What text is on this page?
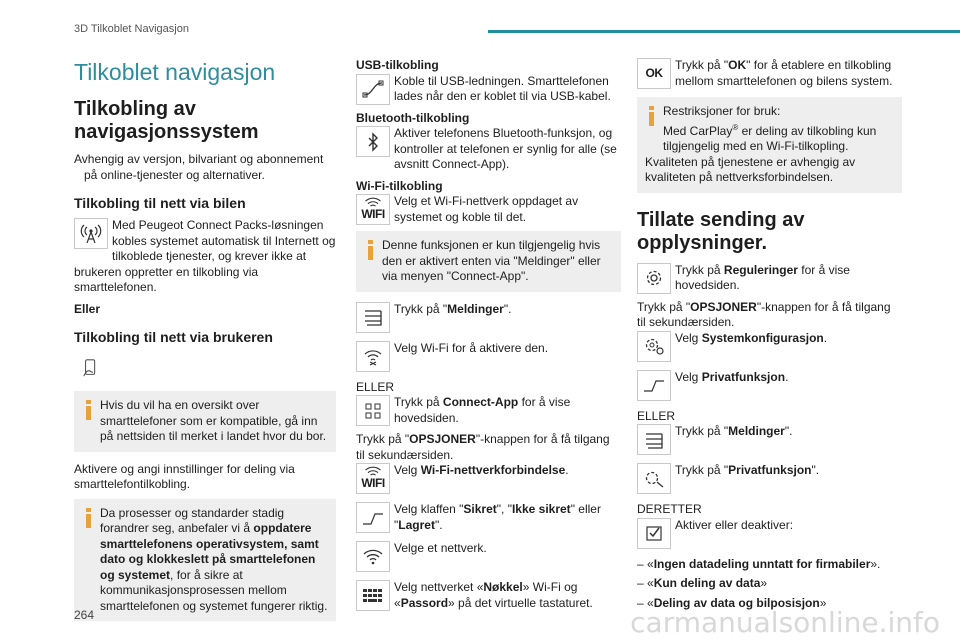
3D Tilkoblet Navigasjon
Tilkoblet navigasjon
Tilkobling av navigasjonssystem

Avhengig av versjon, bilvariant og abonnement på online-tjenester og alternativer.

Tilkobling til nett via bilen
Med Peugeot Connect Packs-løsningen kobles systemet automatisk til Internett og tilkoblede tjenester, og krever ikke at brukeren oppretter en tilkobling via smarttelefonen.

Eller

Tilkobling til nett via brukeren

Hvis du vil ha en oversikt over smarttelefoner som er kompatible, gå inn på nettsiden til merket i landet hvor du bor.

Aktivere og angi innstillinger for deling via smarttelefontilkobling.

Da prosesser og standarder stadig forandrer seg, anbefaler vi å oppdatere smarttelefonens operativsystem, samt dato og klokkeslett på smarttelefonen og systemet, for å sikre at kommunikasjonsprosessen mellom smarttelefonen og systemet fungerer riktig.

USB-tilkobling

Koble til USB-ledningen. Smarttelefonen lades når den er koblet til via USB-kabel.

Bluetooth-tilkobling

Aktiver telefonens Bluetooth-funksjon, og kontroller at telefonen er synlig for alle (se avsnitt Connect-App).

Wi-Fi-tilkobling

WIFI
Velg et Wi-Fi-nettverk oppdaget av systemet og koble til det.

Denne funksjonen er kun tilgjengelig hvis den er aktivert enten via "Meldinger" eller via menyen "Connect-App".

Trykk på "Meldinger".
Velg Wi-Fi for å aktivere den.

ELLER

Trykk på Connect-App for å vise hovedsiden.

Trykk på "OPSJONER"-knappen for å få tilgang til sekundærsiden.

WIFI
Velg Wi-Fi-nettverkforbindelse.
Velg klaffen "Sikret", "Ikke sikret" eller "Lagret".
Velge et nettverk.
Velg nettverket «Nøkkel» Wi-Fi og «Passord» på det virtuelle tastaturet.
OK
Trykk på "OK" for å etablere en tilkobling mellom smarttelefonen og bilens system.

Restriksjoner for bruk:

Med CarPlay® er deling av tilkobling kun tilgjengelig med en Wi-Fi-tilkopling.

Kvaliteten på tjenestene er avhengig av kvaliteten på nettverksforbindelsen.

Tillate sending av opplysninger.
Trykk på Reguleringer for å vise hovedsiden.

Trykk på "OPSJONER"-knappen for å få tilgang til sekundærsiden.

Velg Systemkonfigurasjon.
Velg Privatfunksjon.

ELLER

Trykk på "Meldinger".
Trykk på "Privatfunksjon".

DERETTER

Aktiver eller deaktiver:

– «Ingen datadeling unntatt for firmabiler».

– «Kun deling av data»

– «Deling av data og bilposisjon»

264	carmanualsonline.info
